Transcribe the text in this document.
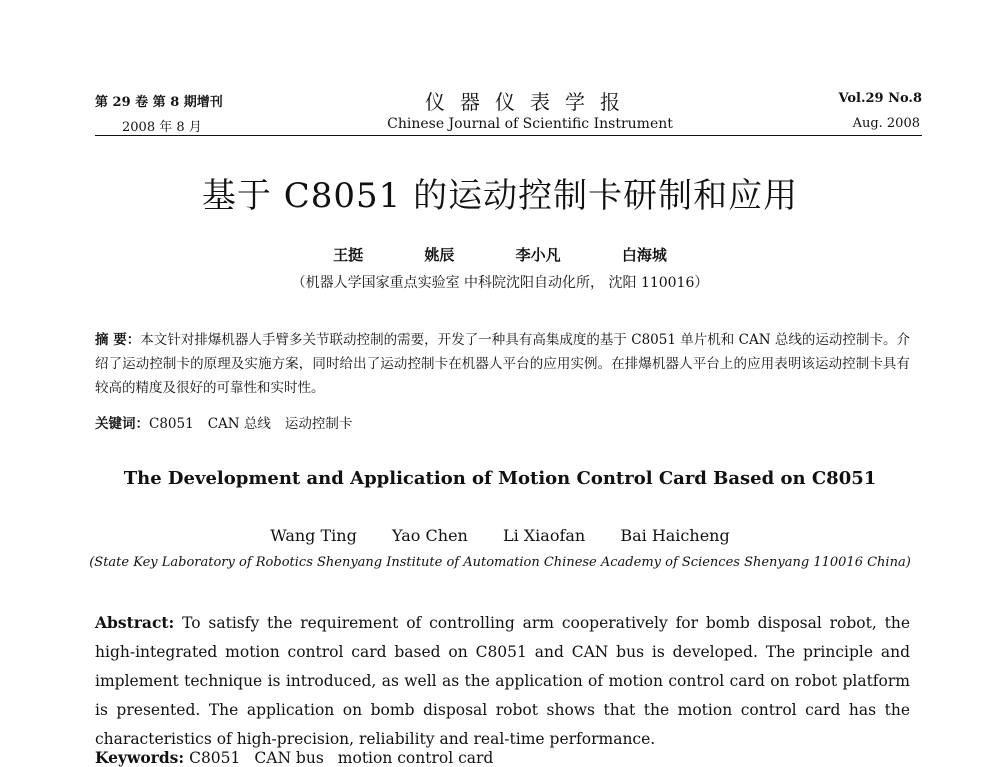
第 29 卷 第 8 期增刊
2008 年 8 月
仪器仪表学报
Chinese Journal of Scientific Instrument
Vol.29 No.8
Aug. 2008
基于 C8051 的运动控制卡研制和应用
王挺	姚辰	李小凡	白海城
（机器人学国家重点实验室 中科院沈阳自动化所， 沈阳 110016）
摘 要：本文针对排爆机器人手臂多关节联动控制的需要，开发了一种具有高集成度的基于 C8051 单片机和 CAN 总线的运动控制卡。介绍了运动控制卡的原理及实施方案，同时给出了运动控制卡在机器人平台的应用实例。在排爆机器人平台上的应用表明该运动控制卡具有较高的精度及很好的可靠性和实时性。
关键词：C8051 CAN 总线 运动控制卡
The Development and Application of Motion Control Card Based on C8051
Wang Ting Yao Chen Li Xiaofan Bai Haicheng
(State Key Laboratory of Robotics Shenyang Institute of Automation Chinese Academy of Sciences Shenyang 110016 China)
Abstract: To satisfy the requirement of controlling arm cooperatively for bomb disposal robot, the high-integrated motion control card based on C8051 and CAN bus is developed. The principle and implement technique is introduced, as well as the application of motion control card on robot platform is presented. The application on bomb disposal robot shows that the motion control card has the characteristics of high-precision, reliability and real-time performance.
Keywords: C8051 CAN bus motion control card
